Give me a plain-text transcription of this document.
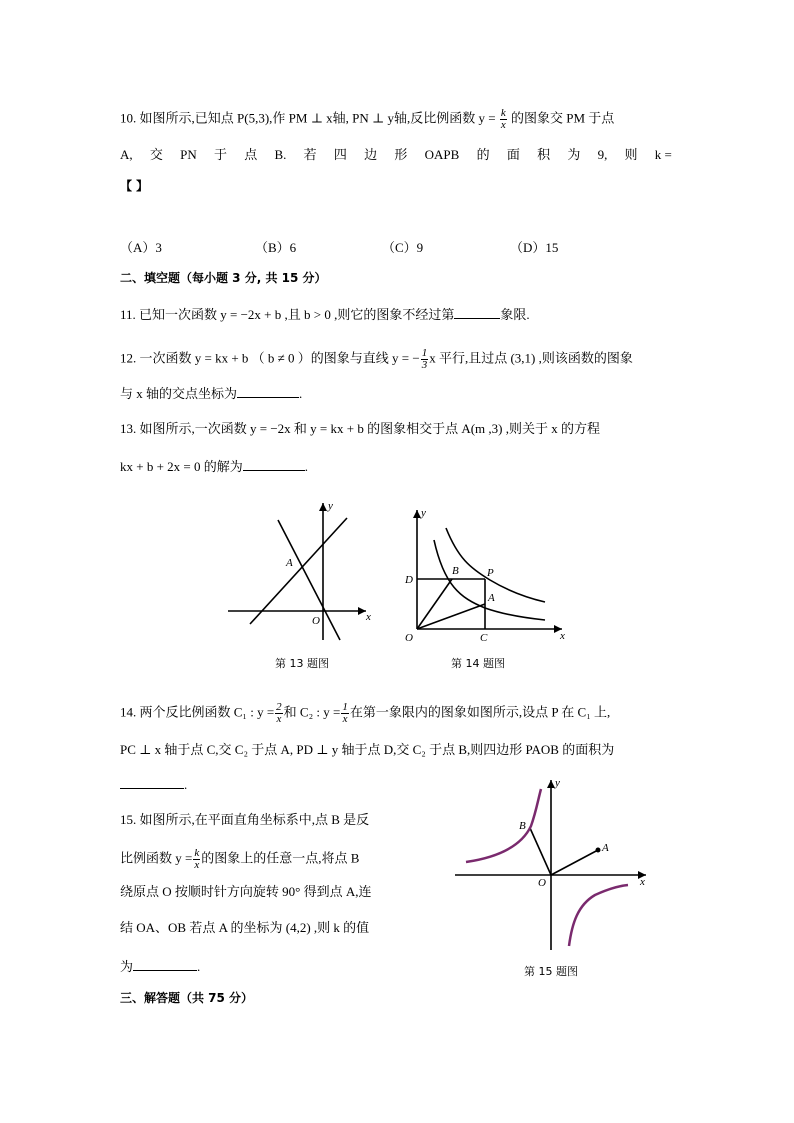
10. 如图所示,已知点 P(5,3),作 PM ⊥ x轴, PN ⊥ y轴,反比例函数 $y = \frac{k}{x}$ 的图象交 PM 于点
A, 交 PN 于 点 B. 若 四 边 形 OAPB 的 面 积 为 9, 则 k =
【 】
（A）3	（B）6	（C）9	（D）15
二、填空题（每小题 3 分, 共 15 分）
11. 已知一次函数 y = −2x + b ,且 b > 0 ,则它的图象不经过第	象限.
12. 一次函数 y = kx + b （ b ≠ 0 ）的图象与直线 y = − $\frac{1}{3}$ x 平行,且过点 (3,1) ,则该函数的图象
与 x 轴的交点坐标为	.
13. 如图所示,一次函数 y = −2x 和 y = kx + b 的图象相交于点 A(m ,3) ,则关于 x 的方程
kx + b + 2x = 0 的解为	.
y
x
A
O
第 13 题图
y
x
D
B	P
A
O	C
第 14 题图
14. 两个反比例函数 C₁ : $y = \frac{2}{x}$ 和 C₂ : $y = \frac{1}{x}$ 在第一象限内的图象如图所示,设点 P 在 C₁ 上,
PC ⊥ x 轴于点 C,交 C₂ 于点 A, PD ⊥ y 轴于点 D,交 C₂ 于点 B,则四边形 PAOB 的面积为
.
15. 如图所示,在平面直角坐标系中,点 B 是反
比例函数 $y = \frac{k}{x}$ 的图象上的任意一点,将点 B
绕原点 O 按顺时针方向旋转 90° 得到点 A,连
结 OA、OB 若点 A 的坐标为 (4,2) ,则 k 的值
为	.
y
x
B
A
O
第 15 题图
三、解答题（共 75 分）
